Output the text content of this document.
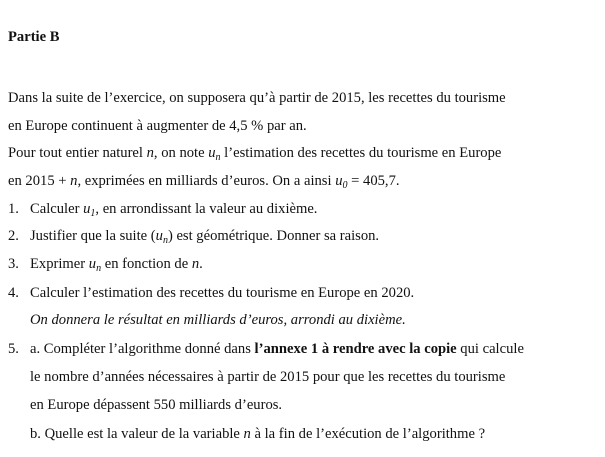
Partie B
Dans la suite de l’exercice, on supposera qu’à partir de 2015, les recettes du tourisme
en Europe continuent à augmenter de 4,5 % par an.
Pour tout entier naturel n, on note $u_n$ l’estimation des recettes du tourisme en Europe
en 2015 + n, exprimées en milliards d’euros. On a ainsi $u_0 = 405,7$.
1. Calculer $u_1$, en arrondissant la valeur au dixième.
2. Justifier que la suite $(u_n)$ est géométrique. Donner sa raison.
3. Exprimer $u_n$ en fonction de n.
4. Calculer l’estimation des recettes du tourisme en Europe en 2020.
On donnera le résultat en milliards d’euros, arrondi au dixième.
5. a. Compléter l’algorithme donné dans l’annexe 1 à rendre avec la copie qui calcule
le nombre d’années nécessaires à partir de 2015 pour que les recettes du tourisme
en Europe dépassent 550 milliards d’euros.
b. Quelle est la valeur de la variable n à la fin de l’exécution de l’algorithme ?
